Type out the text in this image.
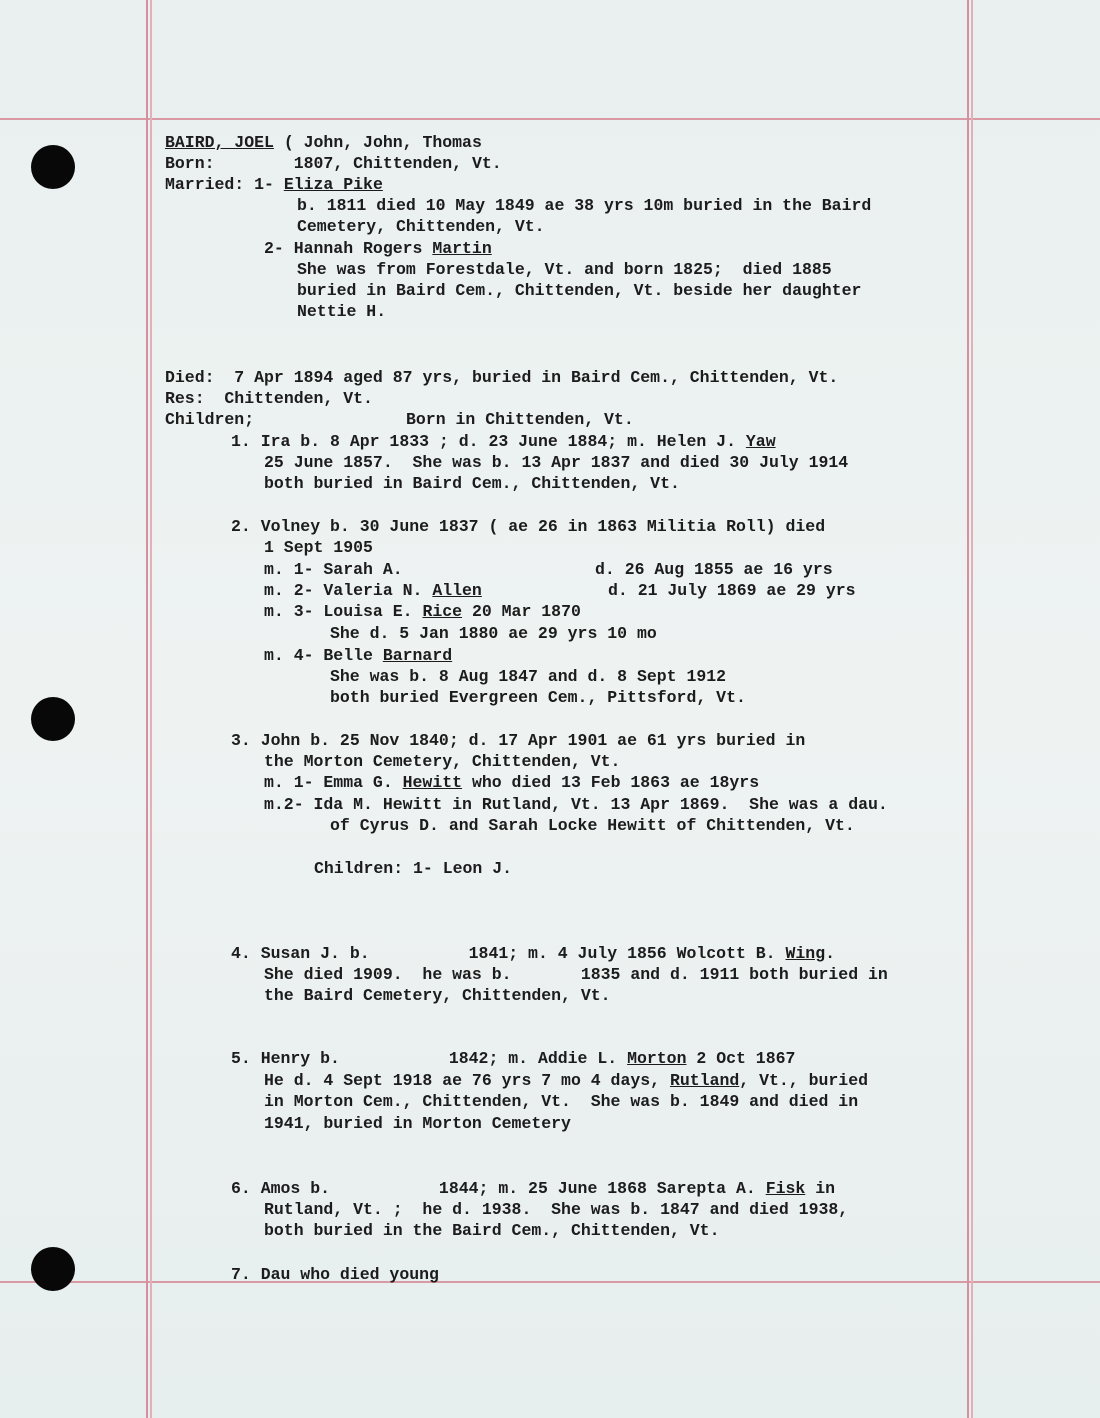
BAIRD, JOEL ( John, John, Thomas
Born:        1807, Chittenden, Vt.
Married: 1- Eliza Pike
b. 1811 died 10 May 1849 ae 38 yrs 10m buried in the Baird
Cemetery, Chittenden, Vt.
2- Hannah Rogers Martin
She was from Forestdale, Vt. and born 1825;  died 1885
buried in Baird Cem., Chittenden, Vt. beside her daughter
Nettie H.
Died:  7 Apr 1894 aged 87 yrs, buried in Baird Cem., Chittenden, Vt.
Res:  Chittenden, Vt.
Children;	Born in Chittenden, Vt.
1. Ira b. 8 Apr 1833 ; d. 23 June 1884; m. Helen J. Yaw
25 June 1857.  She was b. 13 Apr 1837 and died 30 July 1914
both buried in Baird Cem., Chittenden, Vt.
2. Volney b. 30 June 1837 ( ae 26 in 1863 Militia Roll) died
1 Sept 1905
m. 1- Sarah A.	d. 26 Aug 1855 ae 16 yrs
m. 2- Valeria N. Allen	d. 21 July 1869 ae 29 yrs
m. 3- Louisa E. Rice 20 Mar 1870
She d. 5 Jan 1880 ae 29 yrs 10 mo
m. 4- Belle Barnard
She was b. 8 Aug 1847 and d. 8 Sept 1912
both buried Evergreen Cem., Pittsford, Vt.
3. John b. 25 Nov 1840; d. 17 Apr 1901 ae 61 yrs buried in
the Morton Cemetery, Chittenden, Vt.
m. 1- Emma G. Hewitt who died 13 Feb 1863 ae 18yrs
m.2- Ida M. Hewitt in Rutland, Vt. 13 Apr 1869.  She was a dau.
of Cyrus D. and Sarah Locke Hewitt of Chittenden, Vt.
Children: 1- Leon J.
4. Susan J. b.          1841; m. 4 July 1856 Wolcott B. Wing.
She died 1909.  he was b.       1835 and d. 1911 both buried in
the Baird Cemetery, Chittenden, Vt.
5. Henry b.           1842; m. Addie L. Morton 2 Oct 1867
He d. 4 Sept 1918 ae 76 yrs 7 mo 4 days, Rutland, Vt., buried
in Morton Cem., Chittenden, Vt.  She was b. 1849 and died in
1941, buried in Morton Cemetery
6. Amos b.           1844; m. 25 June 1868 Sarepta A. Fisk in
Rutland, Vt. ;  he d. 1938.  She was b. 1847 and died 1938,
both buried in the Baird Cem., Chittenden, Vt.
7. Dau who died young
